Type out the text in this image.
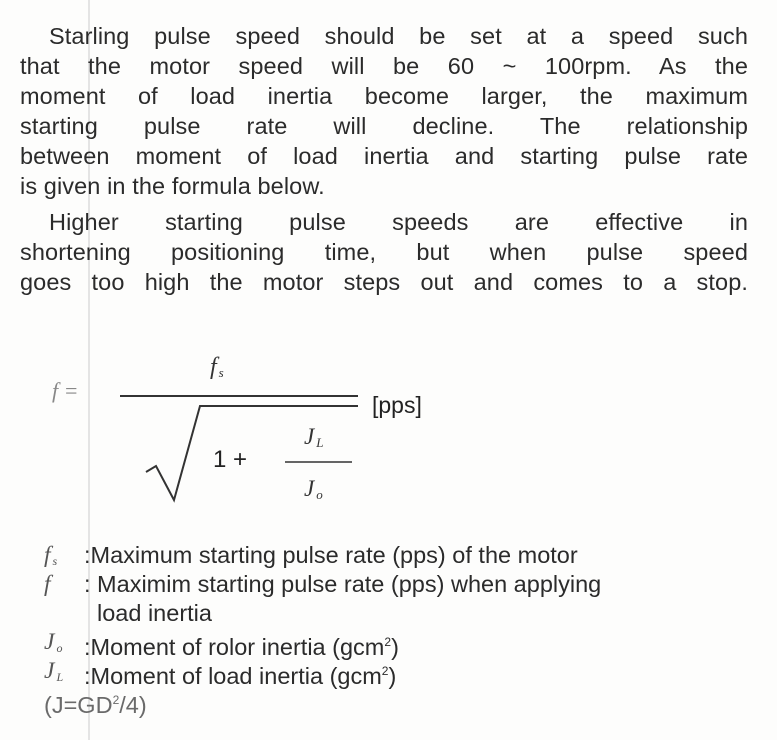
Starling pulse speed should be set at a speed such
that the motor speed will be 60 ~ 100rpm. As the
moment of load inertia become larger, the maximum
starting pulse rate will decline. The relationship
between moment of load inertia and starting pulse rate
is given in the formula below.
Higher starting pulse speeds are effective in
shortening positioning time, but when pulse speed
goes too high the motor steps out and comes to a stop.
f =
f $_s$
[pps]
1 +
J $_L$
J $_o$
f $_s$	:Maximum starting pulse rate (pps) of the motor
f	: Maximim starting pulse rate (pps) when applying
load inertia
J $_o$ :Moment of rolor inertia (gcm$^2$)
J $_L$ :Moment of load inertia (gcm$^2$)
$(J=GD^2/4)$
